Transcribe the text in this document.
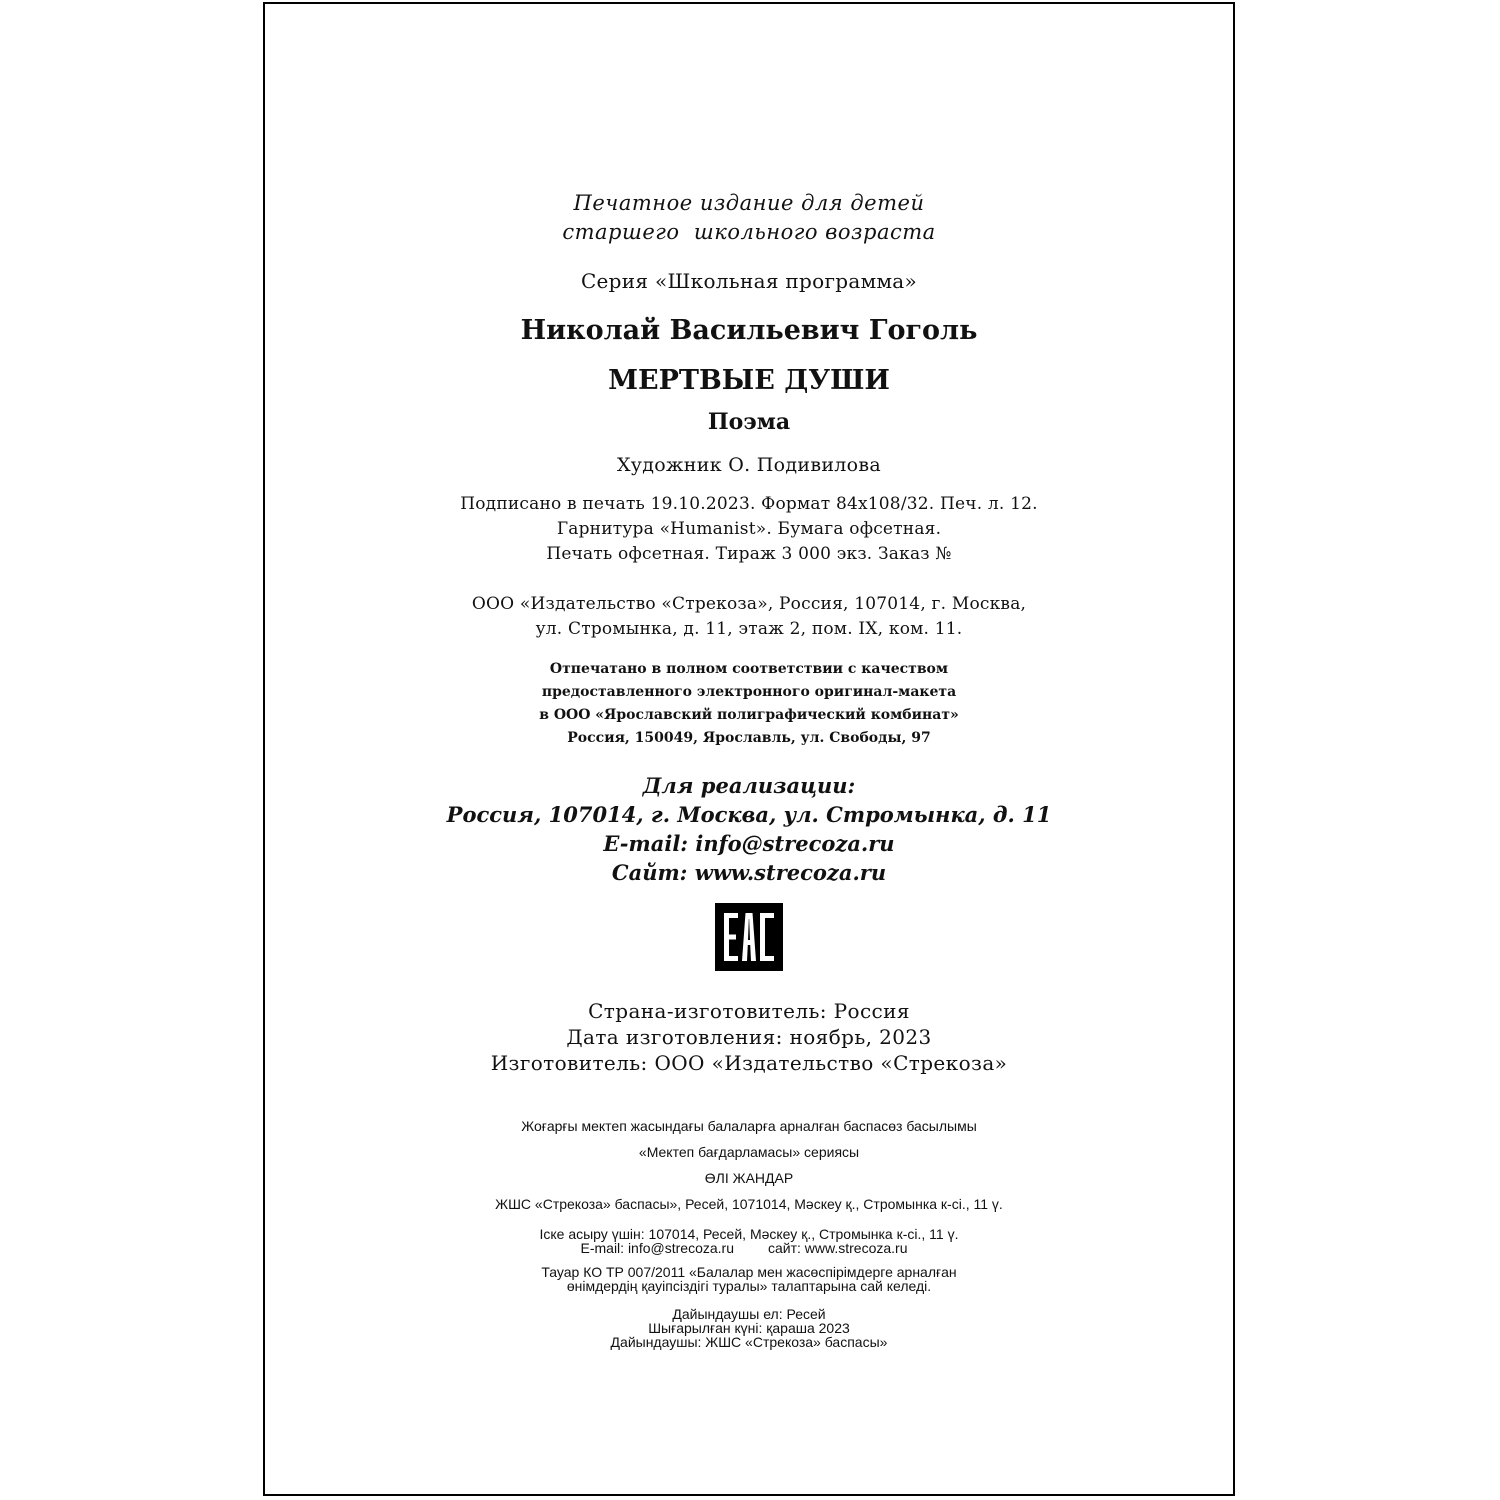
Печатное издание для детей
старшего  школьного возраста
Серия «Школьная программа»
Николай Васильевич Гоголь
МЕРТВЫЕ ДУШИ
Поэма
Художник О. Подивилова
Подписано в печать 19.10.2023. Формат 84х108/32. Печ. л. 12.
Гарнитура «Humanist». Бумага офсетная.
Печать офсетная. Тираж 3 000 экз. Заказ №
ООО «Издательство «Стрекоза», Россия, 107014, г. Москва,
ул. Стромынка, д. 11, этаж 2, пом. IX, ком. 11.
Отпечатано в полном соответствии с качеством
предоставленного электронного оригинал-макета
в ООО «Ярославский полиграфический комбинат»
Россия, 150049, Ярославль, ул. Свободы, 97
Для реализации:
Россия, 107014, г. Москва, ул. Стромынка, д. 11
E-mail: info@strecoza.ru
Сайт: www.strecoza.ru
Страна-изготовитель: Россия
Дата изготовления: ноябрь, 2023
Изготовитель: ООО «Издательство «Стрекоза»
Жоғарғы мектеп жасындағы балаларға арналған баспасөз басылымы
«Мектеп бағдарламасы» сериясы
ӨЛІ ЖАНДАР
ЖШС «Стрекоза» баспасы», Ресей, 1071014, Мәскеу қ., Стромынка к-сі., 11 ү.
Іске асыру үшін: 107014, Ресей, Мәскеу қ., Стромынка к-сі., 11 ү.
E-mail: info@strecoza.ru сайт: www.strecoza.ru
Тауар КО ТР 007/2011 «Балалар мен жасөспірімдерге арналған
өнімдердің қауіпсіздігі туралы» талаптарына сай келеді.
Дайындаушы ел: Ресей
Шығарылған күні: қараша 2023
Дайындаушы: ЖШС «Стрекоза» баспасы»
